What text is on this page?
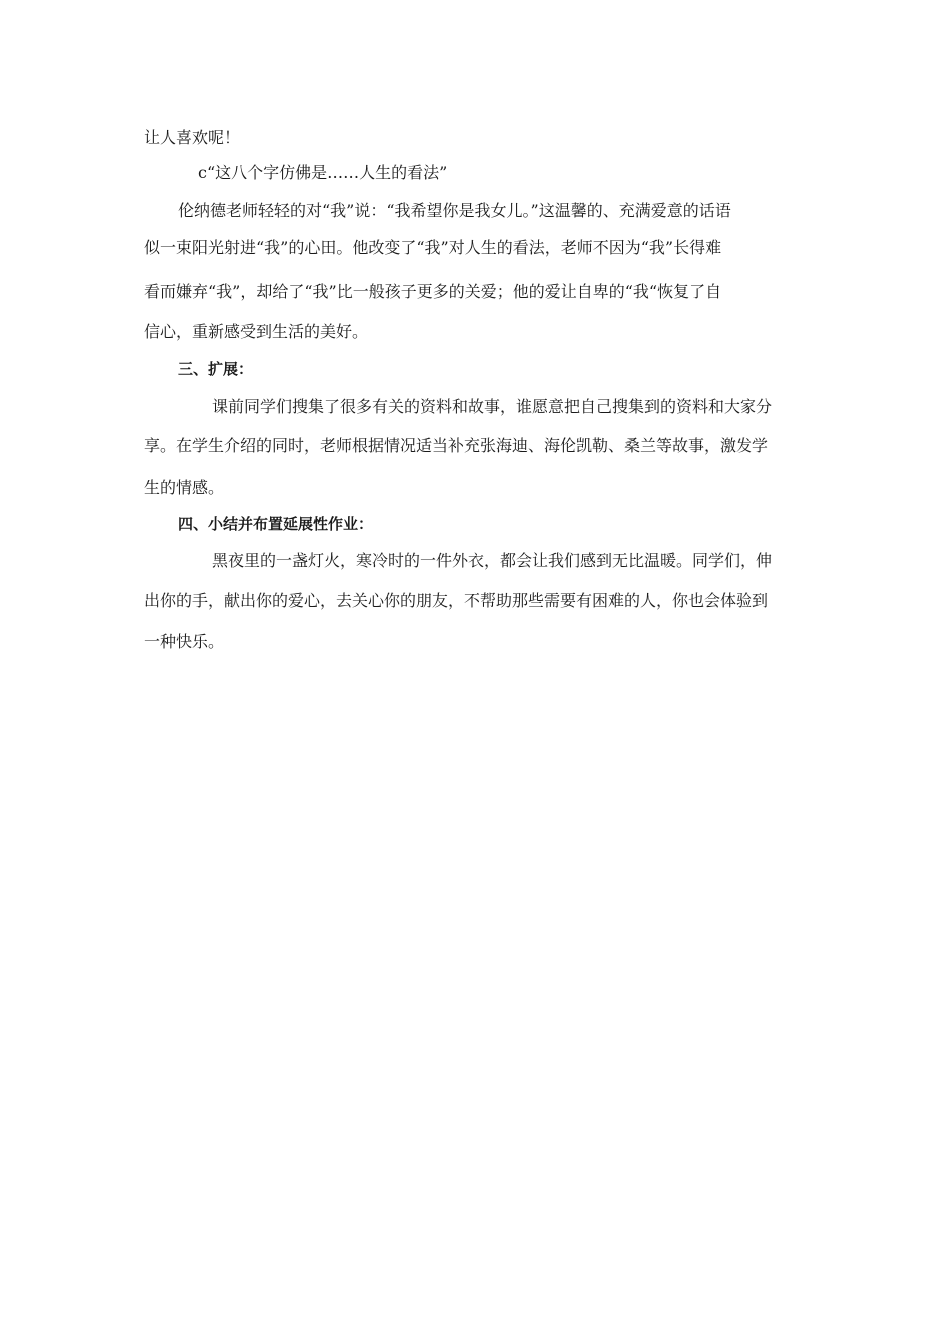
让人喜欢呢！
c“这八个字仿佛是……人生的看法”
伦纳德老师轻轻的对“我”说：“我希望你是我女儿。”这温馨的、充满爱意的话语
似一束阳光射进“我”的心田。他改变了“我”对人生的看法，老师不因为“我”长得难
看而嫌弃“我”，却给了“我”比一般孩子更多的关爱；他的爱让自卑的“我“恢复了自
信心，重新感受到生活的美好。
三、扩展：
课前同学们搜集了很多有关的资料和故事，谁愿意把自己搜集到的资料和大家分
享。在学生介绍的同时，老师根据情况适当补充张海迪、海伦凯勒、桑兰等故事，激发学
生的情感。
四、小结并布置延展性作业：
黑夜里的一盏灯火，寒冷时的一件外衣，都会让我们感到无比温暖。同学们，伸
出你的手，献出你的爱心，去关心你的朋友，不帮助那些需要有困难的人，你也会体验到
一种快乐。
